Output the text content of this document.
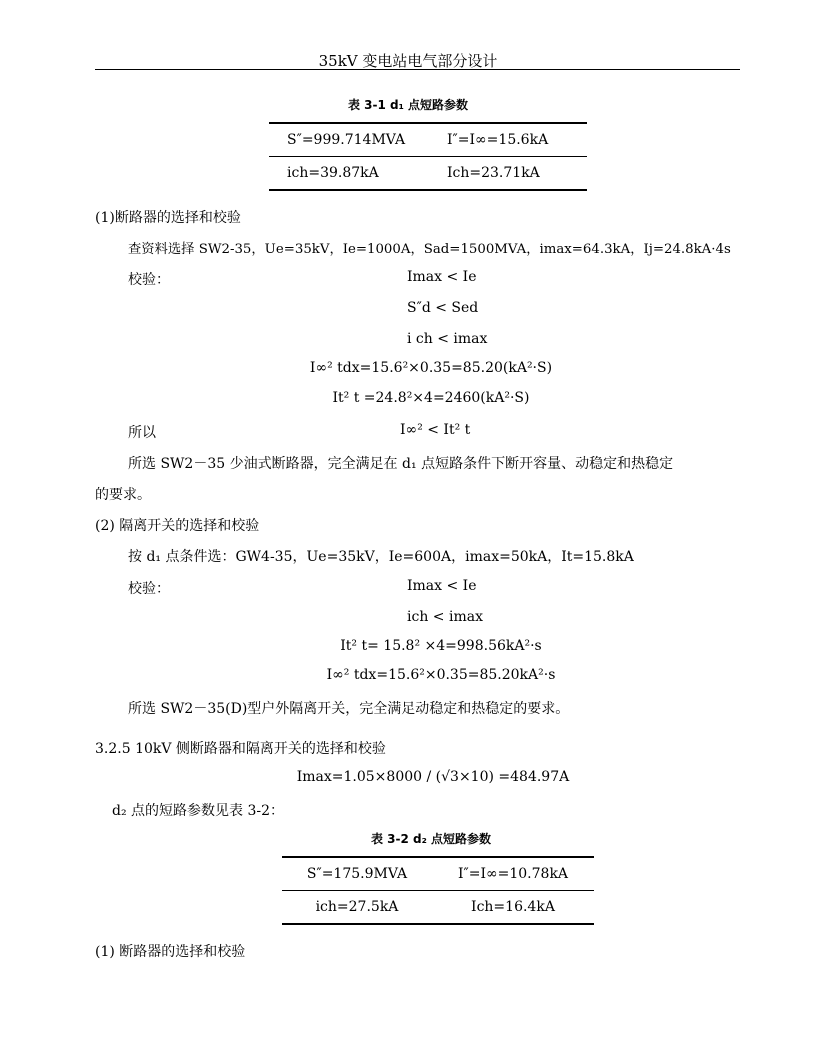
35kV 变电站电气部分设计
表 3-1 d₁ 点短路参数
S″=999.714MVA	I″=I∞=15.6kA
ich=39.87kA	Ich=23.71kA
(1)断路器的选择和校验
查资料选择 SW2-35，Ue=35kV，Ie=1000A，Sad=1500MVA，imax=64.3kA，Ij=24.8kA·4s
校验：	Imax < Ie
S″d < Sed
i ch < imax
I∞² tdx=15.6²×0.35=85.20(kA²·S)
It² t =24.8²×4=2460(kA²·S)
所以	I∞² < It² t
所选 SW2－35 少油式断路器，完全满足在 d₁ 点短路条件下断开容量、动稳定和热稳定
的要求。
(2) 隔离开关的选择和校验
按 d₁ 点条件选：GW4-35，Ue=35kV，Ie=600A，imax=50kA，It=15.8kA
校验：	Imax < Ie
ich < imax
It² t= 15.8² ×4=998.56kA²·s
I∞² tdx=15.6²×0.35=85.20kA²·s
所选 SW2－35(D)型户外隔离开关，完全满足动稳定和热稳定的要求。
3.2.5 10kV 侧断路器和隔离开关的选择和校验
Imax=1.05×8000 / (√3×10) =484.97A
d₂ 点的短路参数见表 3-2：
表 3-2 d₂ 点短路参数
S″=175.9MVA	I″=I∞=10.78kA
ich=27.5kA	Ich=16.4kA
(1) 断路器的选择和校验
